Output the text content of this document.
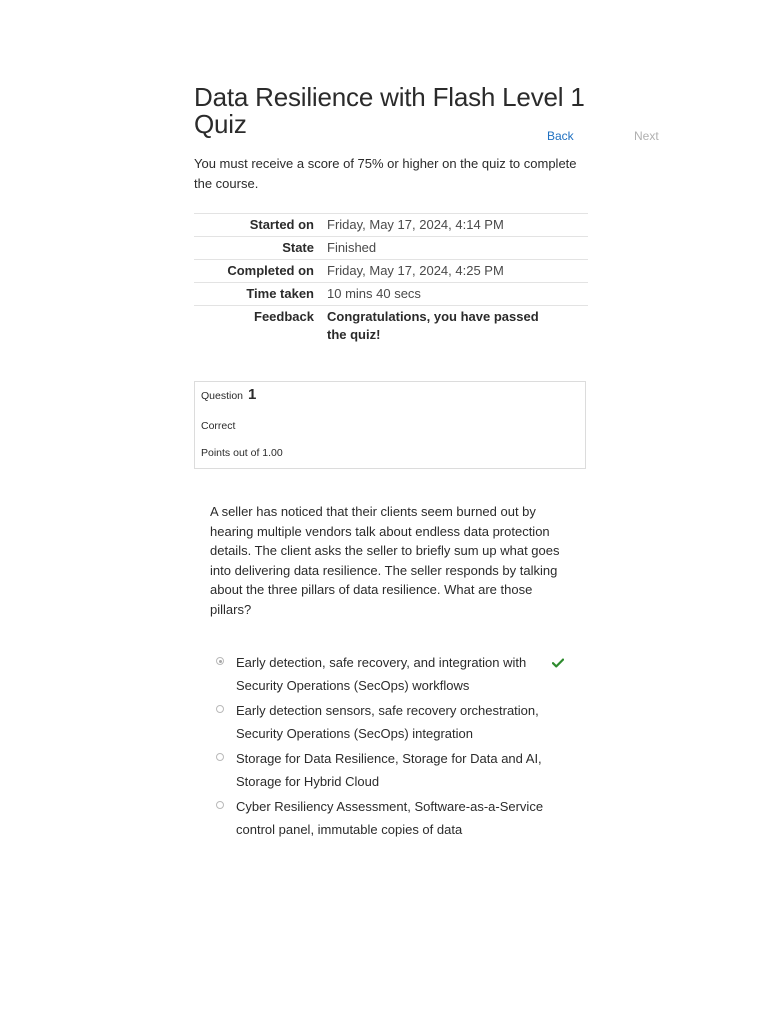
Data Resilience with Flash Level 1 Quiz	Back	Next

You must receive a score of 75% or higher on the quiz to complete the course.

Started on	Friday, May 17, 2024, 4:14 PM
State	Finished
Completed on	Friday, May 17, 2024, 4:25 PM
Time taken	10 mins 40 secs
Feedback	Congratulations, you have passed the quiz!
Question 1
Correct
Points out of 1.00

A seller has noticed that their clients seem burned out by hearing multiple vendors talk about endless data protection details. The client asks the seller to briefly sum up what goes into delivering data resilience. The seller responds by talking about the three pillars of data resilience. What are those pillars?

Early detection, safe recovery, and integration with Security Operations (SecOps) workflows
Early detection sensors, safe recovery orchestration, Security Operations (SecOps) integration
Storage for Data Resilience, Storage for Data and AI, Storage for Hybrid Cloud
Cyber Resiliency Assessment, Software-as-a-Service control panel, immutable copies of data
